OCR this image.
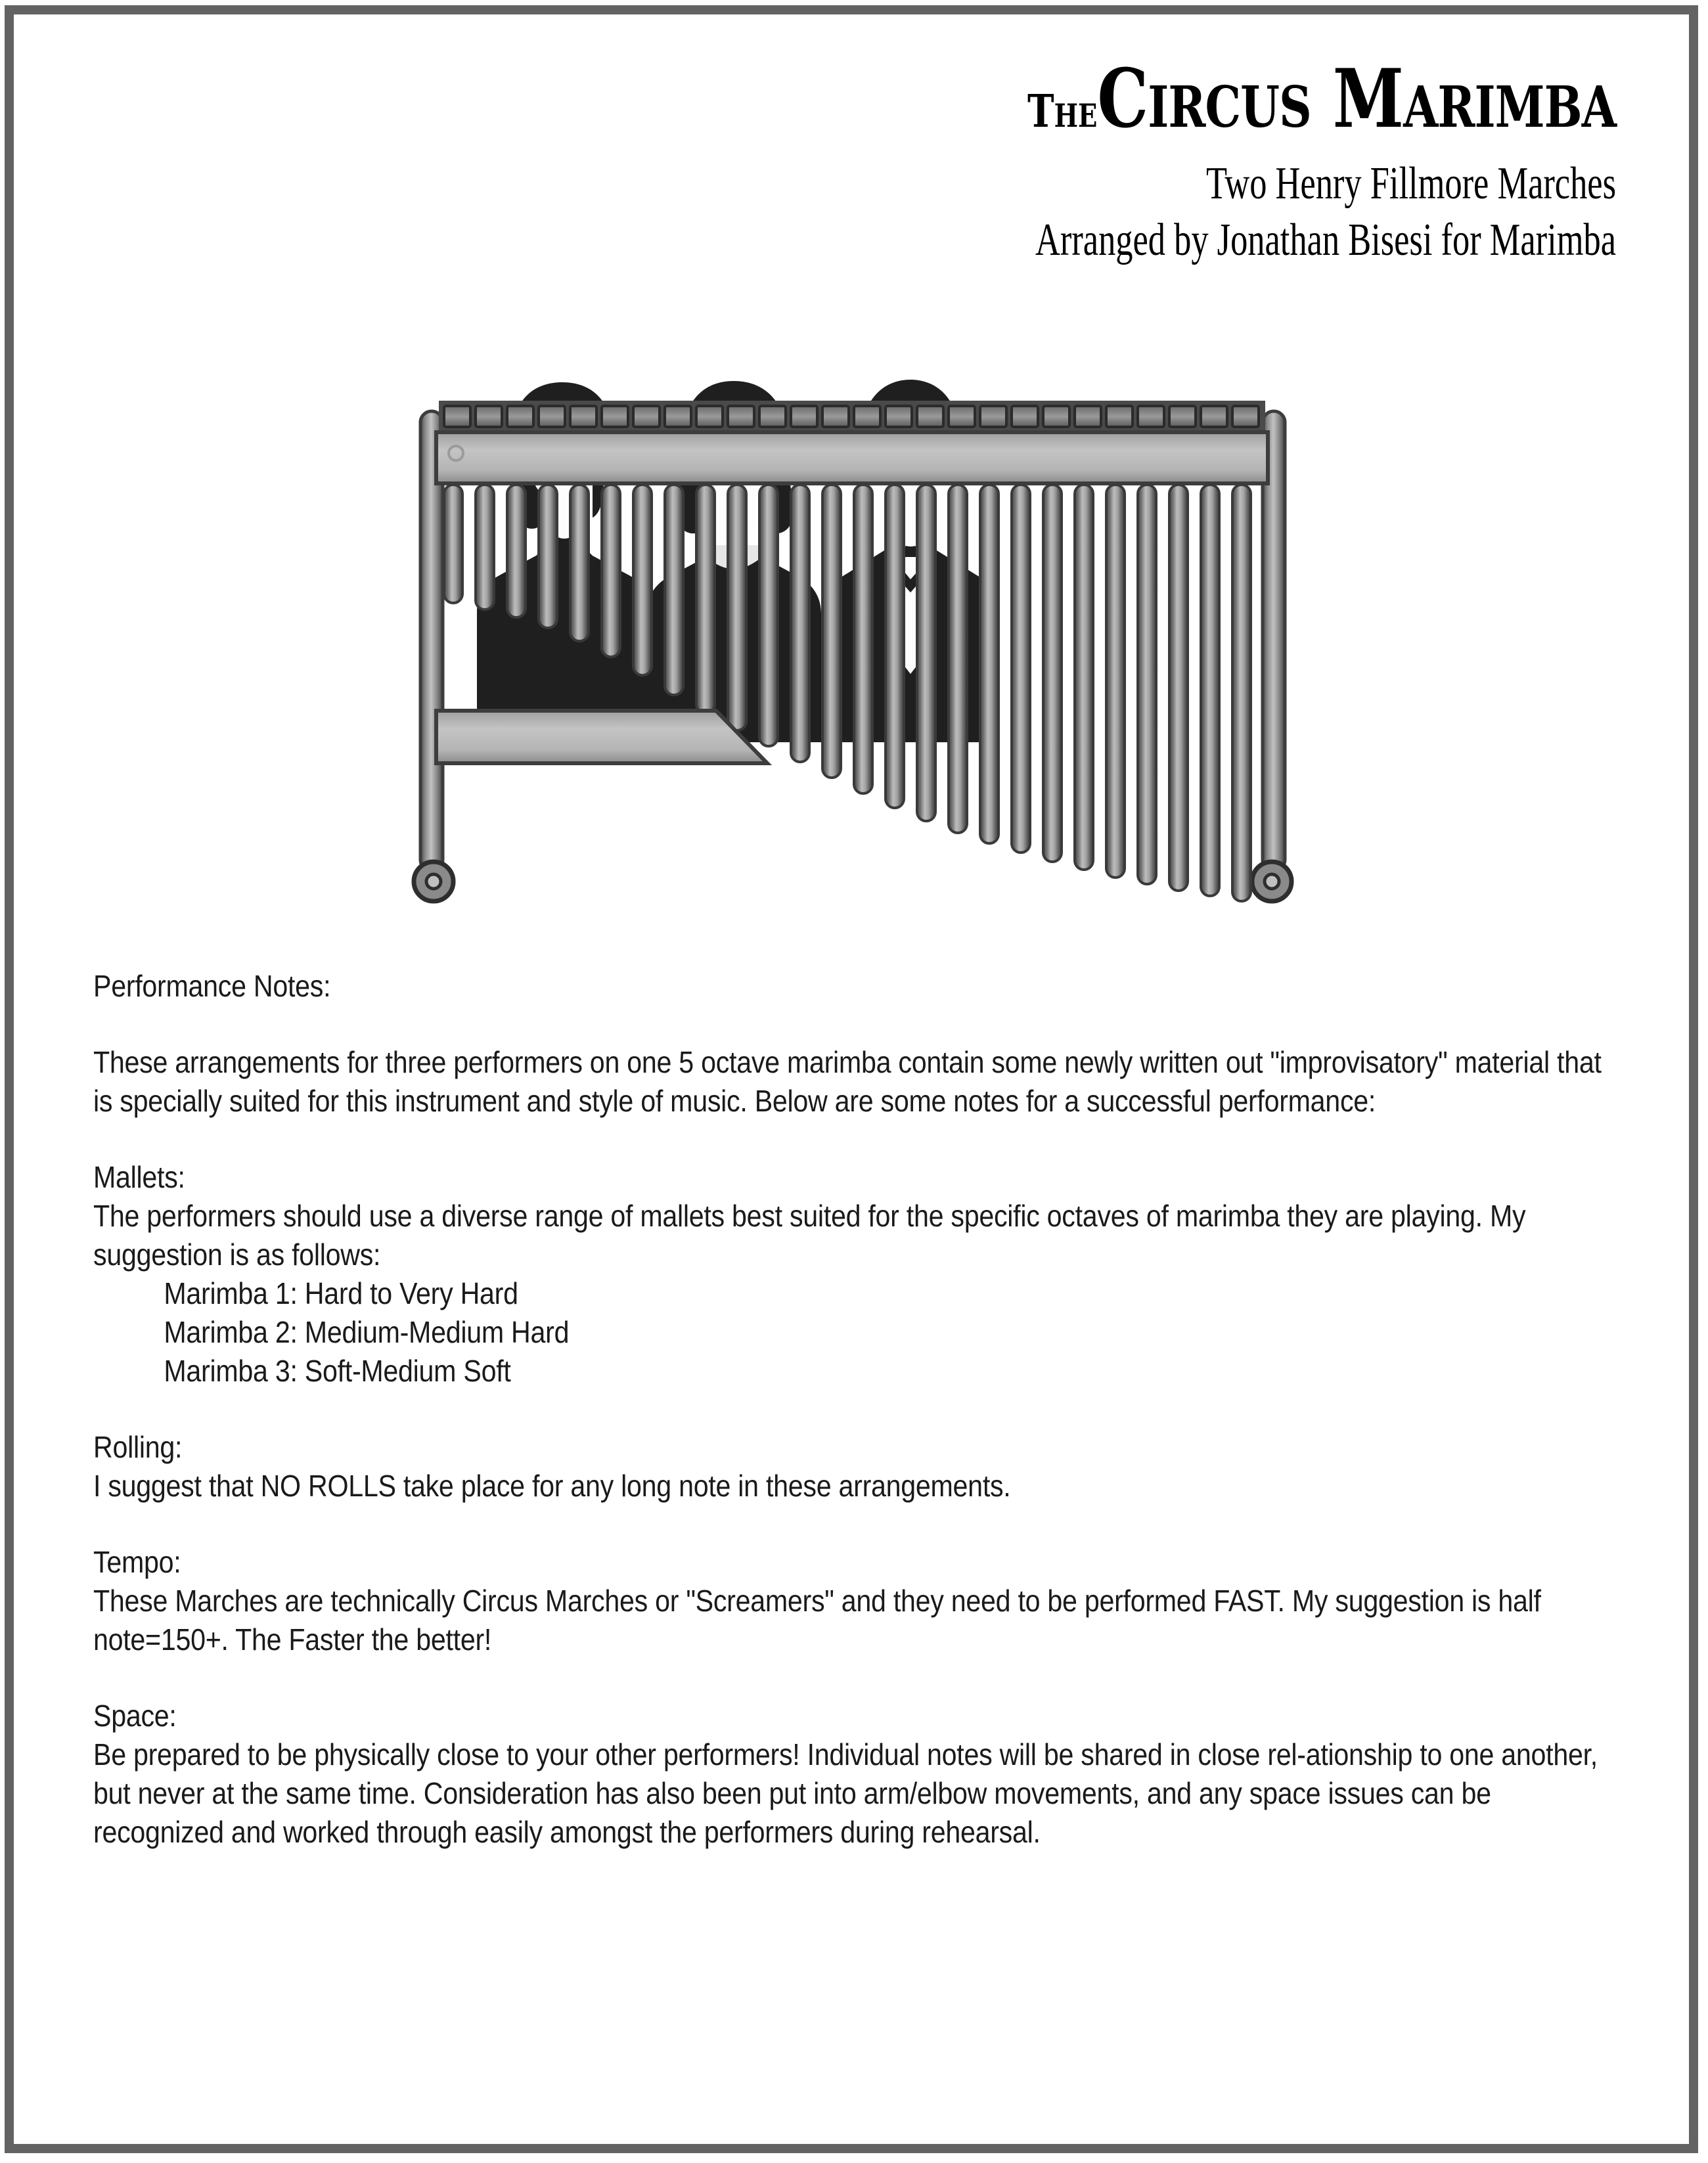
TheCircus Marimba
Two Henry Fillmore Marches
Arranged by Jonathan Bisesi for Marimba
Performance Notes:
These arrangements for three performers on one 5 octave marimba contain some newly written out "improvisatory" material that is specially suited for this instrument and style of music. Below are some notes for a successful performance:
Mallets:
The performers should use a diverse range of mallets best suited for the specific octaves of marimba they are playing. My suggestion is as follows:
Marimba 1: Hard to Very Hard
Marimba 2: Medium-Medium Hard
Marimba 3: Soft-Medium Soft
Rolling:
I suggest that NO ROLLS take place for any long note in these arrangements.
Tempo:
These Marches are technically Circus Marches or "Screamers" and they need to be performed FAST. My suggestion is half note=150+. The Faster the better!
Space:
Be prepared to be physically close to your other performers! Individual notes will be shared in close rel-ationship to one another, but never at the same time. Consideration has also been put into arm/elbow movements, and any space issues can be recognized and worked through easily amongst the performers during rehearsal.
